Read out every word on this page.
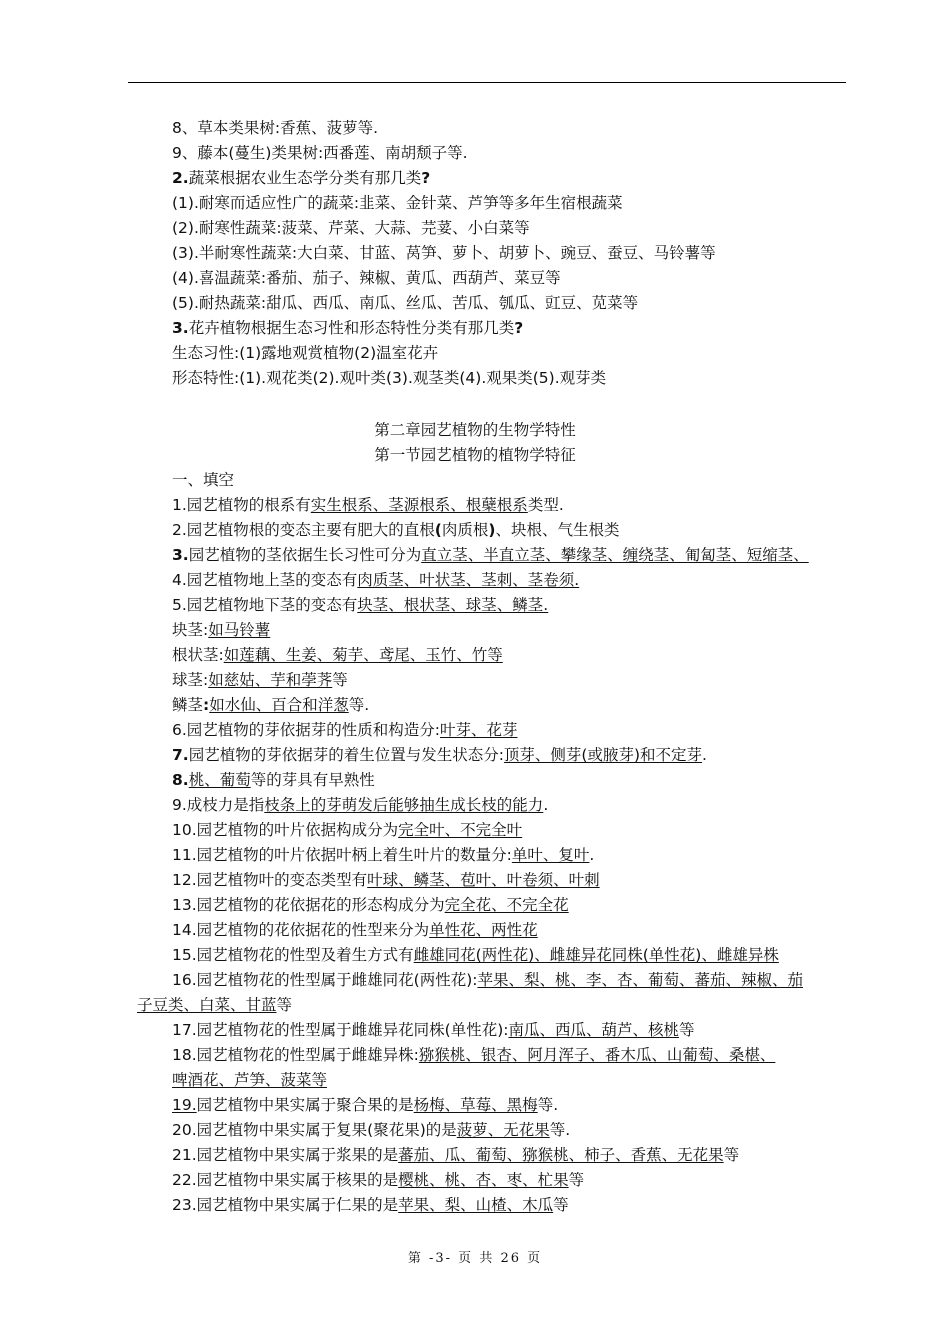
8、草本类果树:香蕉、菠萝等.
9、藤本(蔓生)类果树:西番莲、南胡颓子等.
2.蔬菜根据农业生态学分类有那几类?
(1).耐寒而适应性广的蔬菜:韭菜、金针菜、芦笋等多年生宿根蔬菜
(2).耐寒性蔬菜:菠菜、芹菜、大蒜、芫荽、小白菜等
(3).半耐寒性蔬菜:大白菜、甘蓝、莴笋、萝卜、胡萝卜、豌豆、蚕豆、马铃薯等
(4).喜温蔬菜:番茄、茄子、辣椒、黄瓜、西葫芦、菜豆等
(5).耐热蔬菜:甜瓜、西瓜、南瓜、丝瓜、苦瓜、瓠瓜、豇豆、苋菜等
3.花卉植物根据生态习性和形态特性分类有那几类?
生态习性:(1)露地观赏植物(2)温室花卉
形态特性:(1).观花类(2).观叶类(3).观茎类(4).观果类(5).观芽类
第二章园艺植物的生物学特性
第一节园艺植物的植物学特征
一、填空
1.园艺植物的根系有实生根系、茎源根系、根蘖根系类型.
2.园艺植物根的变态主要有肥大的直根(肉质根)、块根、气生根类
3.园艺植物的茎依据生长习性可分为直立茎、半直立茎、攀缘茎、缠绕茎、匍匐茎、短缩茎、
4.园艺植物地上茎的变态有肉质茎、叶状茎、茎刺、茎卷须.
5.园艺植物地下茎的变态有块茎、根状茎、球茎、鳞茎.
块茎:如马铃薯
根状茎:如莲藕、生姜、菊芋、鸢尾、玉竹、竹等
球茎:如慈姑、芋和荸荠等
鳞茎:如水仙、百合和洋葱等.
6.园艺植物的芽依据芽的性质和构造分:叶芽、花芽
7.园艺植物的芽依据芽的着生位置与发生状态分:顶芽、侧芽(或腋芽)和不定芽.
8.桃、葡萄等的芽具有早熟性
9.成枝力是指枝条上的芽萌发后能够抽生成长枝的能力.
10.园艺植物的叶片依据构成分为完全叶、不完全叶
11.园艺植物的叶片依据叶柄上着生叶片的数量分:单叶、复叶.
12.园艺植物叶的变态类型有叶球、鳞茎、苞叶、叶卷须、叶刺
13.园艺植物的花依据花的形态构成分为完全花、不完全花
14.园艺植物的花依据花的性型来分为单性花、两性花
15.园艺植物花的性型及着生方式有雌雄同花(两性花)、雌雄异花同株(单性花)、雌雄异株
16.园艺植物花的性型属于雌雄同花(两性花):苹果、梨、桃、李、杏、葡萄、蕃茄、辣椒、茄
子豆类、白菜、甘蓝等
17.园艺植物花的性型属于雌雄异花同株(单性花):南瓜、西瓜、葫芦、核桃等
18.园艺植物花的性型属于雌雄异株:猕猴桃、银杏、阿月浑子、番木瓜、山葡萄、桑椹、
啤酒花、芦笋、菠菜等
19.园艺植物中果实属于聚合果的是杨梅、草莓、黑梅等.
20.园艺植物中果实属于复果(聚花果)的是菠萝、无花果等.
21.园艺植物中果实属于浆果的是蕃茄、瓜、葡萄、猕猴桃、柿子、香蕉、无花果等
22.园艺植物中果实属于核果的是樱桃、桃、杏、枣、杧果等
23.园艺植物中果实属于仁果的是苹果、梨、山楂、木瓜等
第 -3- 页 共 26 页
